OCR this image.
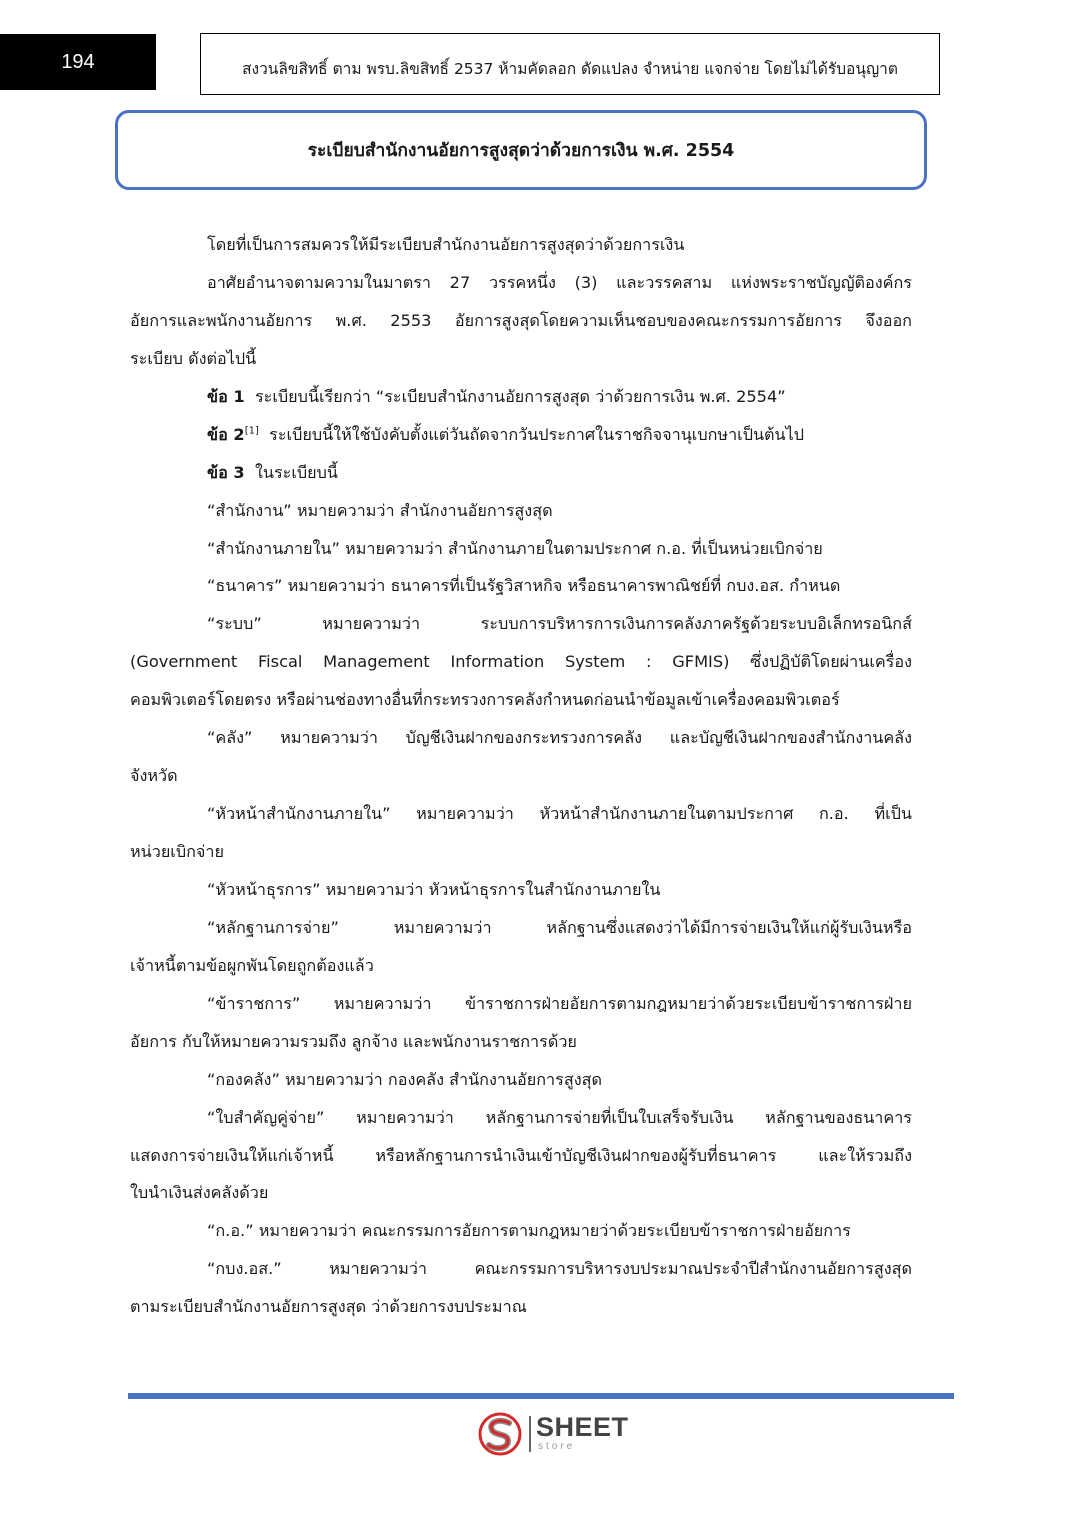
194	สงวนลิขสิทธิ์ ตาม พรบ.ลิขสิทธิ์ 2537 ห้ามคัดลอก ดัดแปลง จำหน่าย แจกจ่าย โดยไม่ได้รับอนุญาต
ระเบียบสำนักงานอัยการสูงสุดว่าด้วยการเงิน พ.ศ. 2554

โดยที่เป็นการสมควรให้มีระเบียบสำนักงานอัยการสูงสุดว่าด้วยการเงิน

อาศัยอำนาจตามความในมาตรา 27 วรรคหนึ่ง (3) และวรรคสาม แห่งพระราชบัญญัติองค์กร

อัยการและพนักงานอัยการ พ.ศ. 2553 อัยการสูงสุดโดยความเห็นชอบของคณะกรรมการอัยการ จึงออก

ระเบียบ ดังต่อไปนี้

ข้อ 1 ระเบียบนี้เรียกว่า “ระเบียบสำนักงานอัยการสูงสุด ว่าด้วยการเงิน พ.ศ. 2554”

ข้อ 2[1] ระเบียบนี้ให้ใช้บังคับตั้งแต่วันถัดจากวันประกาศในราชกิจจานุเบกษาเป็นต้นไป

ข้อ 3 ในระเบียบนี้

“สำนักงาน” หมายความว่า สำนักงานอัยการสูงสุด

“สำนักงานภายใน” หมายความว่า สำนักงานภายในตามประกาศ ก.อ. ที่เป็นหน่วยเบิกจ่าย

“ธนาคาร” หมายความว่า ธนาคารที่เป็นรัฐวิสาหกิจ หรือธนาคารพาณิชย์ที่ กบง.อส. กำหนด

“ระบบ” หมายความว่า ระบบการบริหารการเงินการคลังภาครัฐด้วยระบบอิเล็กทรอนิกส์

(Government Fiscal Management Information System : GFMIS) ซึ่งปฏิบัติโดยผ่านเครื่อง

คอมพิวเตอร์โดยตรง หรือผ่านช่องทางอื่นที่กระทรวงการคลังกำหนดก่อนนำข้อมูลเข้าเครื่องคอมพิวเตอร์

“คลัง” หมายความว่า บัญชีเงินฝากของกระทรวงการคลัง และบัญชีเงินฝากของสำนักงานคลัง

จังหวัด

“หัวหน้าสำนักงานภายใน” หมายความว่า หัวหน้าสำนักงานภายในตามประกาศ ก.อ. ที่เป็น

หน่วยเบิกจ่าย

“หัวหน้าธุรการ” หมายความว่า หัวหน้าธุรการในสำนักงานภายใน

“หลักฐานการจ่าย” หมายความว่า หลักฐานซึ่งแสดงว่าได้มีการจ่ายเงินให้แก่ผู้รับเงินหรือ

เจ้าหนี้ตามข้อผูกพันโดยถูกต้องแล้ว

“ข้าราชการ” หมายความว่า ข้าราชการฝ่ายอัยการตามกฎหมายว่าด้วยระเบียบข้าราชการฝ่าย

อัยการ กับให้หมายความรวมถึง ลูกจ้าง และพนักงานราชการด้วย

“กองคลัง” หมายความว่า กองคลัง สำนักงานอัยการสูงสุด

“ใบสำคัญคู่จ่าย” หมายความว่า หลักฐานการจ่ายที่เป็นใบเสร็จรับเงิน หลักฐานของธนาคาร

แสดงการจ่ายเงินให้แก่เจ้าหนี้ หรือหลักฐานการนำเงินเข้าบัญชีเงินฝากของผู้รับที่ธนาคาร และให้รวมถึง

ใบนำเงินส่งคลังด้วย

“ก.อ.” หมายความว่า คณะกรรมการอัยการตามกฎหมายว่าด้วยระเบียบข้าราชการฝ่ายอัยการ

“กบง.อส.” หมายความว่า คณะกรรมการบริหารงบประมาณประจำปีสำนักงานอัยการสูงสุด

ตามระเบียบสำนักงานอัยการสูงสุด ว่าด้วยการงบประมาณ

SHEET
store
